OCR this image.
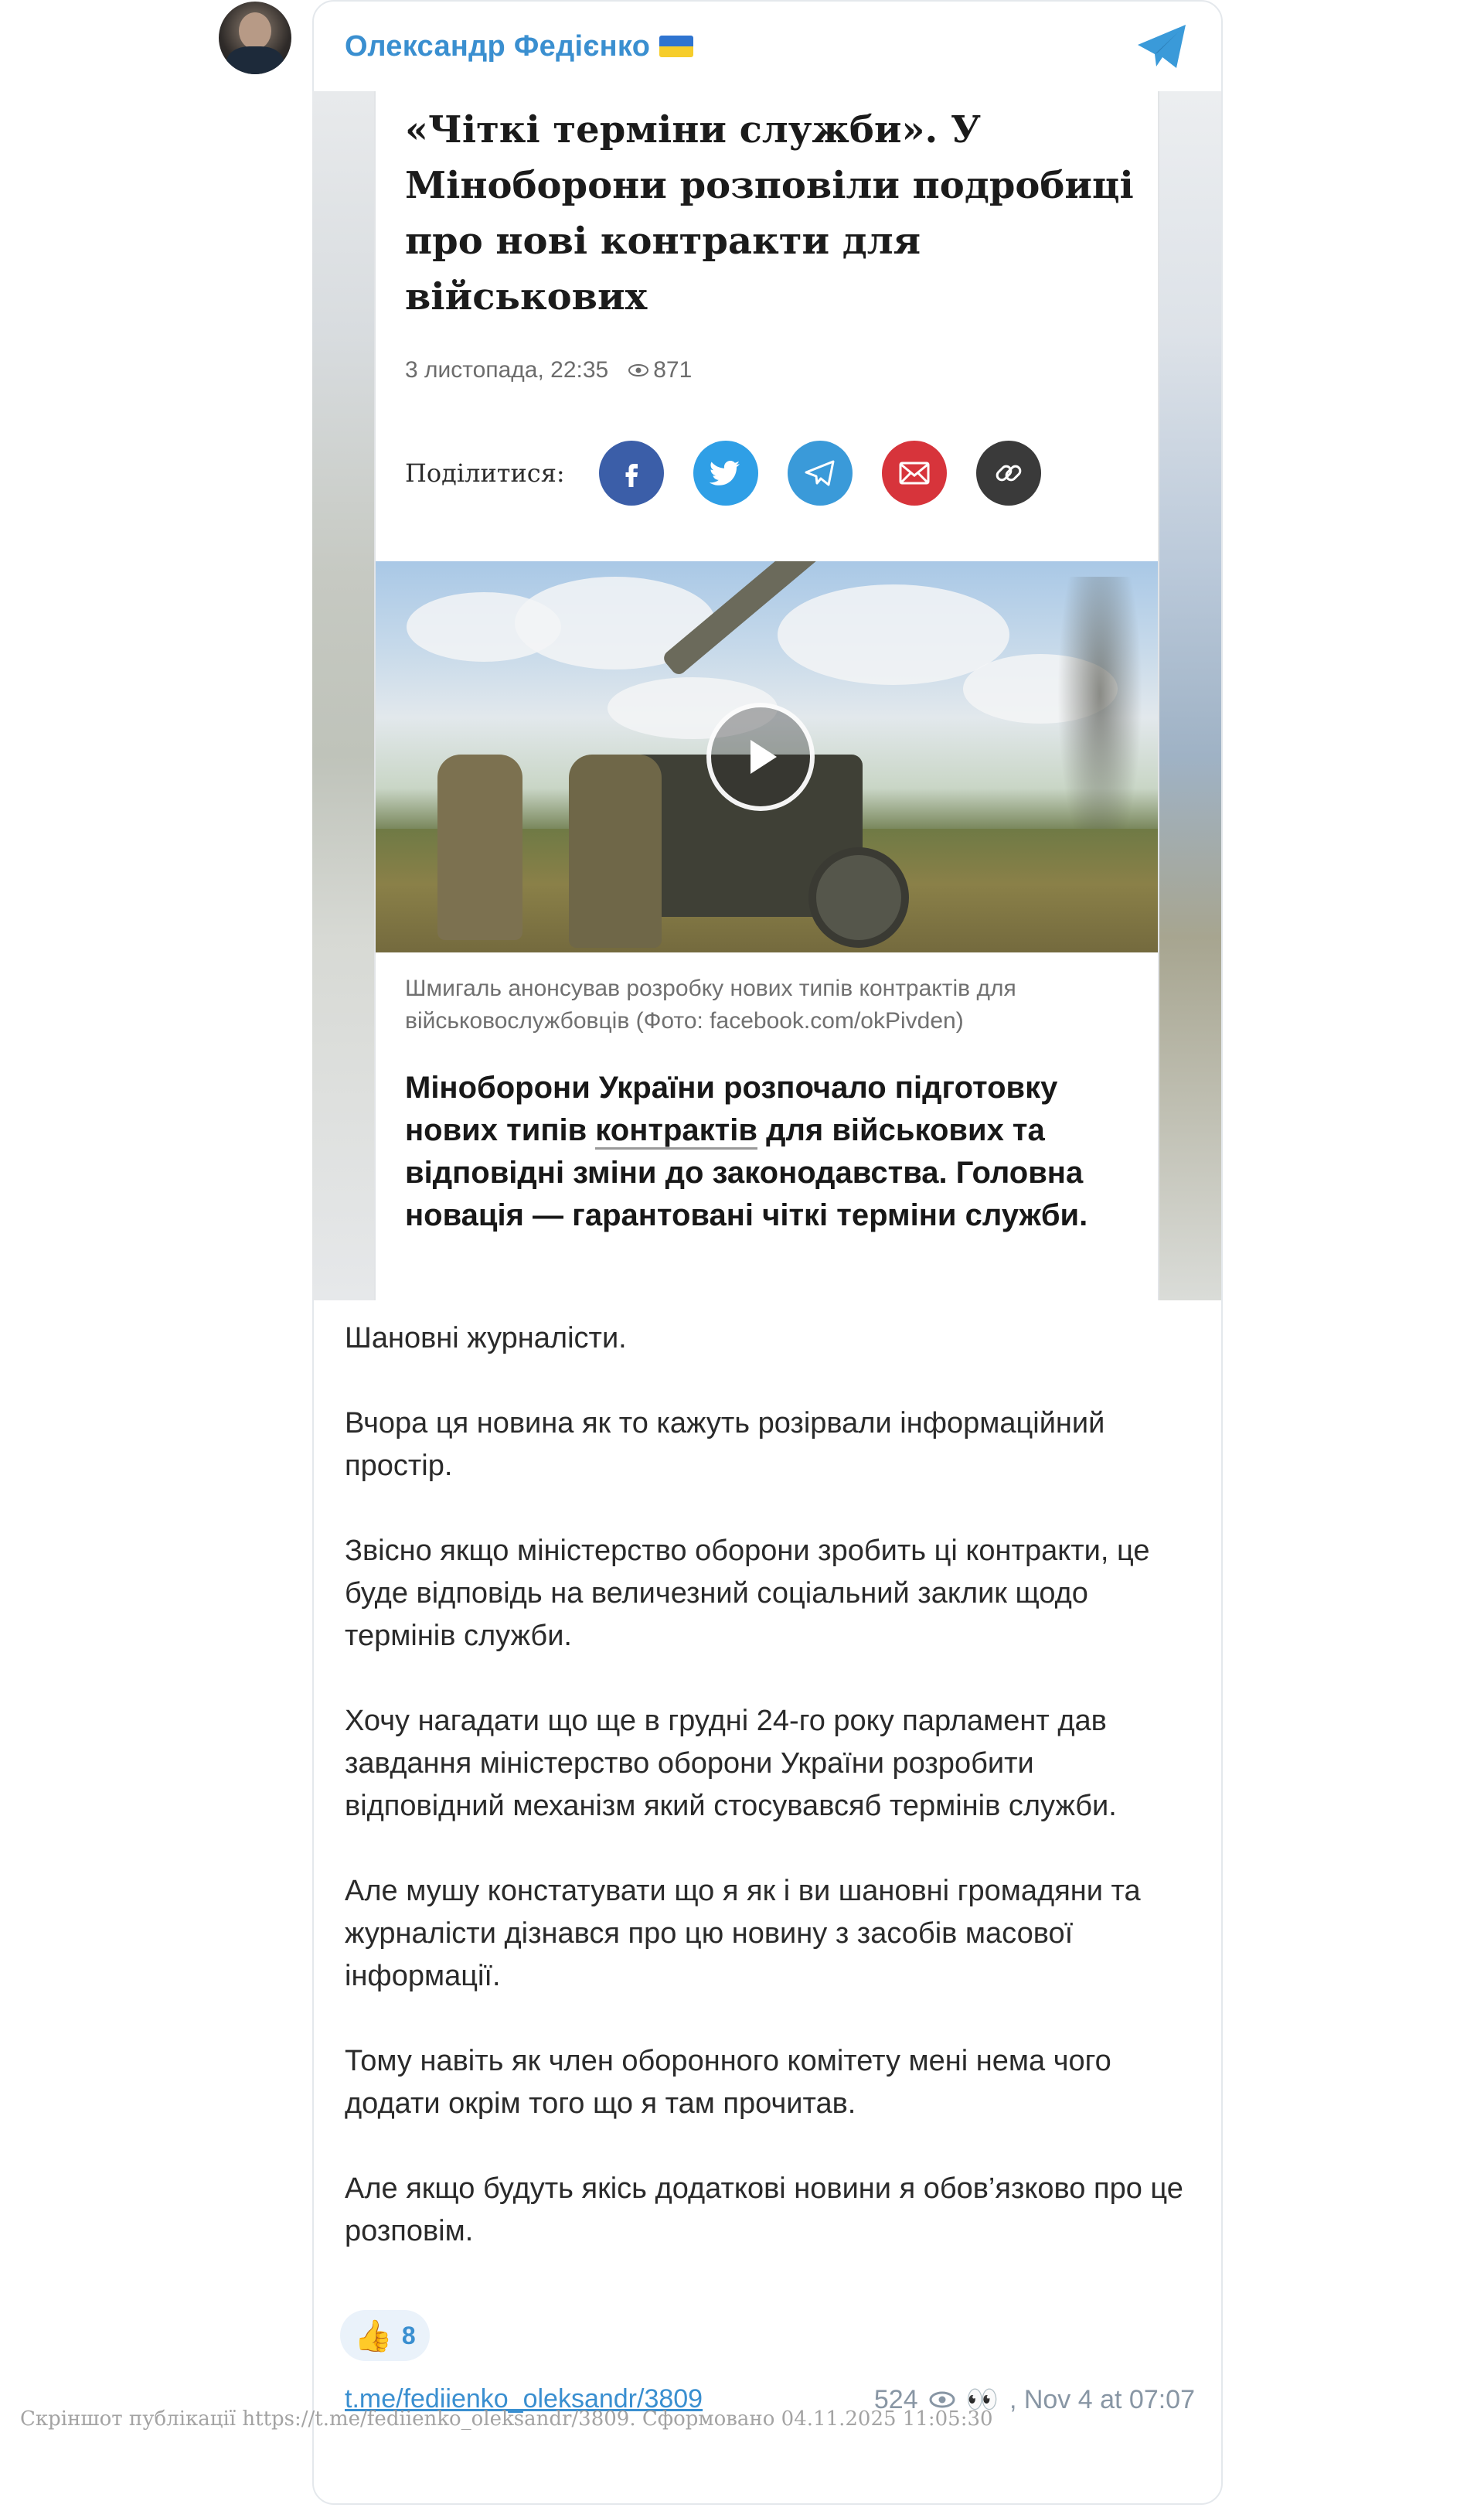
Олександр Федієнко
«Чіткі терміни служби». У Міноборони розповіли подробиці про нові контракти для військових
3 листопада, 22:35 871
Поділитися:
Шмигаль анонсував розробку нових типів контрактів для військовослужбовців (Фото: facebook.com/okPivden)
Міноборони України розпочало підготовку нових типів контрактів для військових та відповідні зміни до законодавства. Головна новація — гарантовані чіткі терміни служби.

Шановні журналісти.

Вчора ця новина як то кажуть розірвали інформаційний простір.

Звісно якщо міністерство оборони зробить ці контракти, це буде відповідь на величезний соціальний заклик щодо термінів служби.

Хочу нагадати що ще в грудні 24-го року парламент дав завдання міністерство оборони України розробити відповідний механізм який стосувавсяб термінів служби.

Але мушу констатувати що я як і ви шановні громадяни та журналісти дізнався про цю новину з засобів масової інформації.

Тому навіть як член оборонного комітету мені нема чого додати окрім того що я там прочитав.

Але якщо будуть якісь додаткові новини я обов’язково про це розповім.

👍 8
t.me/fediienko_oleksandr/3809	524 👀 , Nov 4 at 07:07
Скріншот публікації https://t.me/fediienko_oleksandr/3809. Сформовано 04.11.2025 11:05:30
